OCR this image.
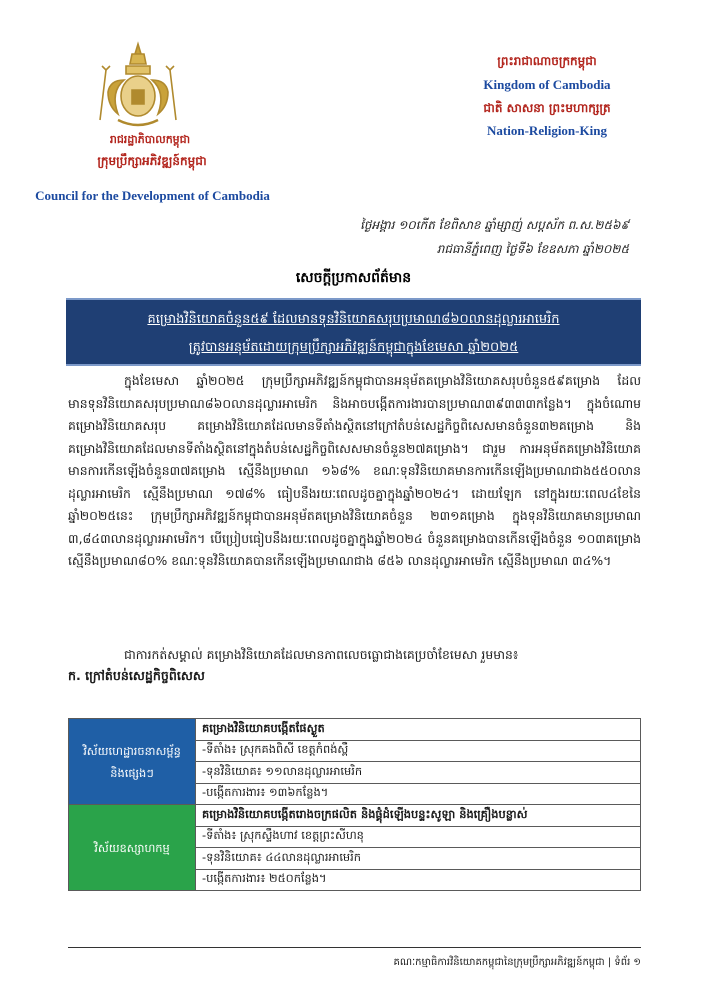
រាជរដ្ឋាភិបាលកម្ពុជា
ក្រុមប្រឹក្សាអភិវឌ្ឍន៍កម្ពុជា
Council for the Development of Cambodia
ព្រះរាជាណាចក្រកម្ពុជា
Kingdom of Cambodia
ជាតិ សាសនា ព្រះមហាក្សត្រ
Nation-Religion-King
ថ្ងៃអង្គារ ១០កើត ខែពិសាខ ឆ្នាំម្សាញ់ សប្តស័ក ព.ស.២៥៦៩
រាជធានីភ្នំពេញ ថ្ងៃទី៦ ខែឧសភា ឆ្នាំ២០២៥
សេចក្តីប្រកាសព័ត៌មាន
គម្រោងវិនិយោគចំនួន៥៩ ដែលមានទុនវិនិយោគសរុបប្រមាណ៨៦០លានដុល្លារអាមេរិក
ត្រូវបានអនុម័តដោយក្រុមប្រឹក្សាអភិវឌ្ឍន៍កម្ពុជាក្នុងខែមេសា ឆ្នាំ២០២៥
ក្នុងខែមេសា ឆ្នាំ២០២៥ ក្រុមប្រឹក្សាអភិវឌ្ឍន៍កម្ពុជាបានអនុម័តគម្រោងវិនិយោគសរុបចំនួន៥៩គម្រោង ដែលមានទុនវិនិយោគសរុបប្រមាណ៨៦០លានដុល្លារអាមេរិក និងអាចបង្កើតការងារបានប្រមាណ៣៩៣៣៣កន្លែង។ ក្នុងចំណោមគម្រោងវិនិយោគសរុប គម្រោងវិនិយោគដែលមានទីតាំងស្ថិតនៅក្រៅតំបន់សេដ្ឋកិច្ចពិសេសមានចំនួន៣២គម្រោង និងគម្រោងវិនិយោគដែលមានទីតាំងស្ថិតនៅក្នុងតំបន់សេដ្ឋកិច្ចពិសេសមានចំនួន២៧គម្រោង។ ជារួម ការអនុម័តគម្រោងវិនិយោគមានការកើនឡើងចំនួន៣៧គម្រោង ស្មើនឹងប្រមាណ ១៦៨% ខណៈទុនវិនិយោគមានការកើនឡើងប្រមាណជាង៥៥០លានដុល្លារអាមេរិក ស្មើនឹងប្រមាណ ១៧៨% ធៀបនឹងរយៈពេលដូចគ្នាក្នុងឆ្នាំ២០២៤។ ដោយឡែក នៅក្នុងរយៈពេល៤ខែនៃឆ្នាំ២០២៥នេះ ក្រុមប្រឹក្សាអភិវឌ្ឍន៍កម្ពុជាបានអនុម័តគម្រោងវិនិយោគចំនួន ២៣១គម្រោង ក្នុងទុនវិនិយោគមានប្រមាណ ៣,៨៤៣លានដុល្លារអាមេរិក។ បើប្រៀបធៀបនឹងរយៈពេលដូចគ្នាក្នុងឆ្នាំ២០២៤ ចំនួនគម្រោងបានកើនឡើងចំនួន ១០៣គម្រោង ស្មើនឹងប្រមាណ៨០% ខណៈទុនវិនិយោគបានកើនឡើងប្រមាណជាង ៨៥៦ លានដុល្លារអាមេរិក ស្មើនឹងប្រមាណ ៣៤%។
ជាការកត់សម្គាល់ គម្រោងវិនិយោគដែលមានភាពលេចធ្លោជាងគេប្រចាំខែមេសា រួមមាន៖
ក. ក្រៅតំបន់សេដ្ឋកិច្ចពិសេស
វិស័យហេដ្ឋារចនាសម្ព័ន្ធ
និងផ្សេងៗ	គម្រោងវិនិយោគបង្កើតផែស្ងួត
	-ទីតាំង៖ ស្រុកគងពិសី ខេត្តកំពង់ស្ពឺ
	-ទុនវិនិយោគ៖ ១១លានដុល្លារអាមេរិក
	-បង្កើតការងារ៖ ១៣៦កន្លែង។

វិស័យឧស្សាហកម្ម	គម្រោងវិនិយោគបង្កើតរោងចក្រផលិត និងផ្គុំដំឡើងបន្ទះសូឡា និងគ្រឿងបន្លាស់
	-ទីតាំង៖ ស្រុកស្ទឹងហាវ ខេត្តព្រះសីហនុ
	-ទុនវិនិយោគ៖ ៤៤លានដុល្លារអាមេរិក
	-បង្កើតការងារ៖ ២៥០កន្លែង។
គណៈកម្មាធិការវិនិយោគកម្ពុជានៃក្រុមប្រឹក្សាអភិវឌ្ឍន៍កម្ពុជា | ទំព័រ ១
